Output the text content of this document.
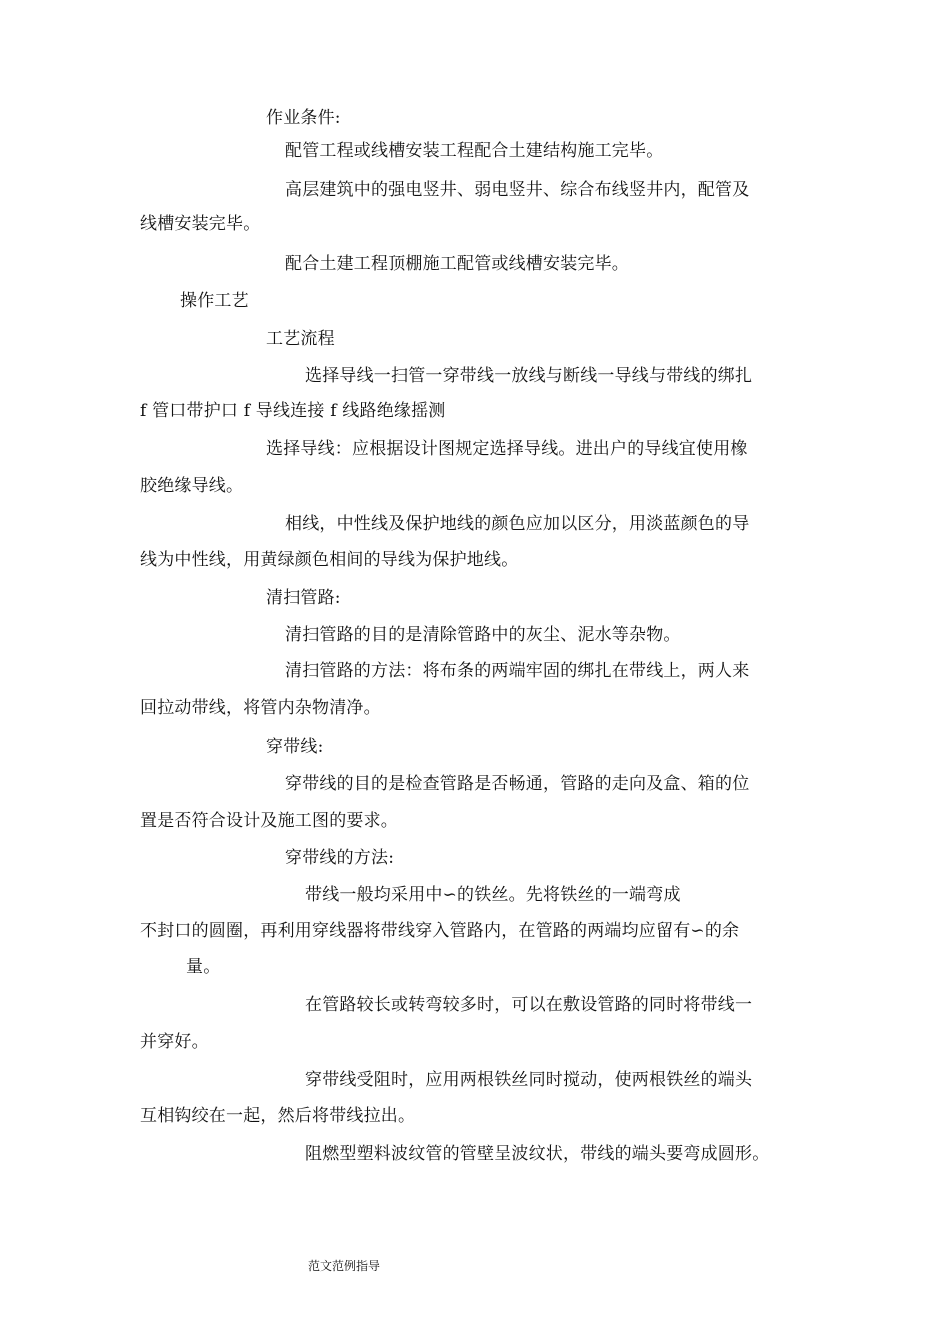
作业条件:
配管工程或线槽安装工程配合土建结构施工完毕。
高层建筑中的强电竖井、弱电竖井、综合布线竖井内，配管及
线槽安装完毕。
配合土建工程顶棚施工配管或线槽安装完毕。
操作工艺
工艺流程
选择导线一扫管一穿带线一放线与断线一导线与带线的绑扎
f 管口带护口 f 导线连接 f 线路绝缘摇测
选择导线：应根据设计图规定选择导线。进出户的导线宜使用橡
胶绝缘导线。
相线，中性线及保护地线的颜色应加以区分，用淡蓝颜色的导
线为中性线，用黄绿颜色相间的导线为保护地线。
清扫管路:
清扫管路的目的是清除管路中的灰尘、泥水等杂物。
清扫管路的方法：将布条的两端牢固的绑扎在带线上，两人来
回拉动带线，将管内杂物清净。
穿带线:
穿带线的目的是检查管路是否畅通，管路的走向及盒、箱的位
置是否符合设计及施工图的要求。
穿带线的方法:
带线一般均采用中∽的铁丝。先将铁丝的一端弯成
不封口的圆圈，再利用穿线器将带线穿入管路内，在管路的两端均应留有∽的余
量。
在管路较长或转弯较多时，可以在敷设管路的同时将带线一
并穿好。
穿带线受阻时，应用两根铁丝同时搅动，使两根铁丝的端头
互相钩绞在一起，然后将带线拉出。
阻燃型塑料波纹管的管壁呈波纹状，带线的端头要弯成圆形。
范文范例指导
